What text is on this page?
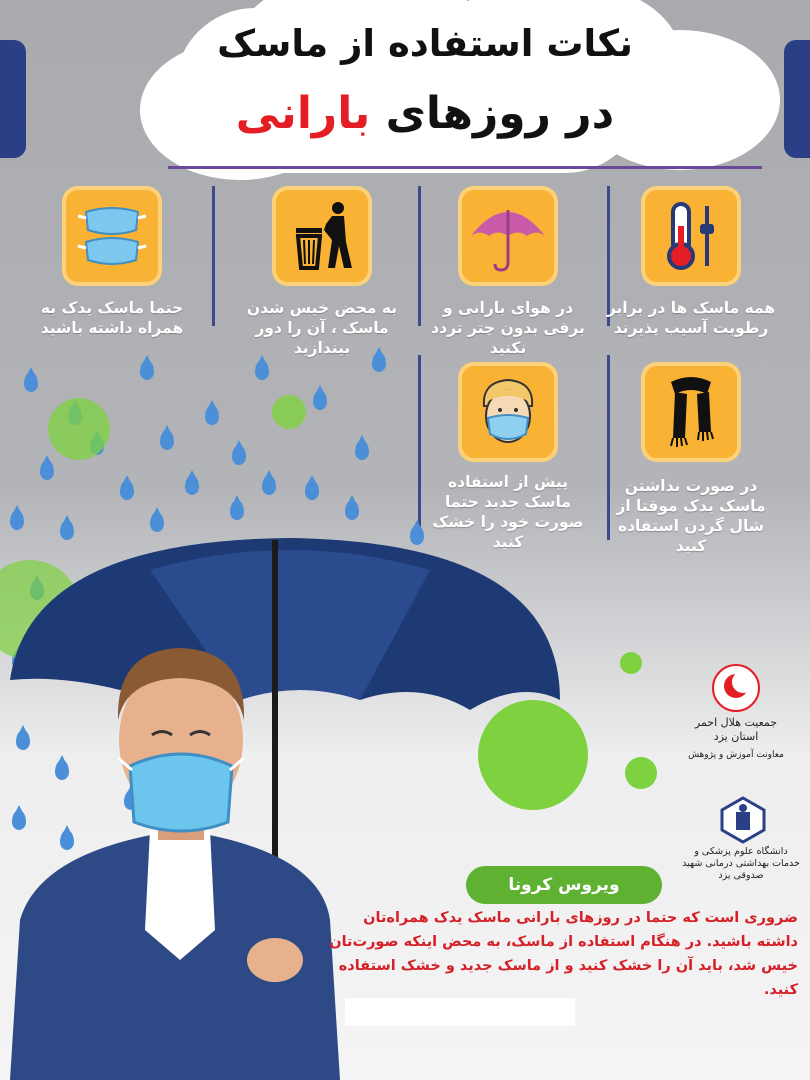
نکات استفاده از ماسک
در روزهای بارانی
همه ماسک ها در برابر رطوبت آسیب پذیرند
در هوای بارانی و برفی بدون چتر تردد نکنید
به محض خیس شدن ماسک ، آن را دور بیندازید
حتما ماسک یدک به همراه داشته باشید
در صورت نداشتن ماسک یدک موقتا از شال گردن استفاده کنید
پیش از استفاده ماسک جدید حتما صورت خود را خشک کنید
جمعیت هلال احمر استان یزد
معاونت آموزش و پژوهش
دانشگاه علوم پزشکی و خدمات بهداشتی درمانی شهید صدوقی یزد
ویروس کرونا
ضروری است که حتما در روزهای بارانی ماسک یدک همراه‌تان داشته باشید. در هنگام استفاده از ماسک، به محض اینکه صورت‌تان خیس شد، باید آن را خشک کنید و از ماسک جدید و خشک استفاده کنید.
